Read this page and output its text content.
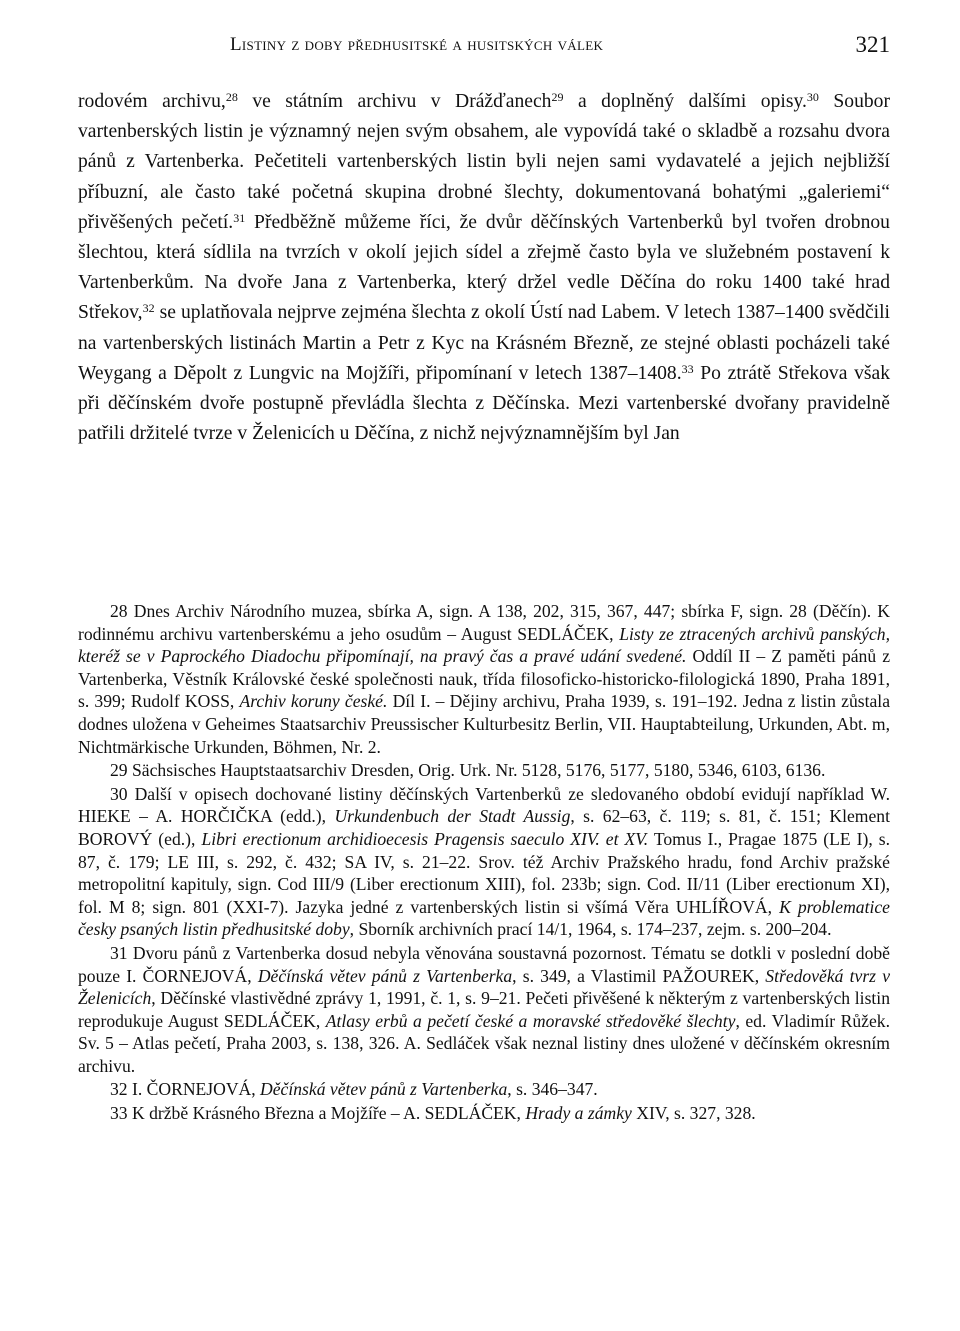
Listiny z doby předhusitské a husitských válek	321

rodovém archivu,$^{28}$ ve státním archivu v Drážďanech$^{29}$ a doplněný dalšími opisy.$^{30}$ Soubor vartenberských listin je významný nejen svým obsahem, ale vypovídá také o skladbě a rozsahu dvora pánů z Vartenberka. Pečetiteli vartenberských listin byli nejen sami vydavatelé a jejich nejbližší příbuzní, ale často také početná skupina drobné šlechty, dokumentovaná bohatými „galeriemi“ přivěšených pečetí.$^{31}$ Předběžně můžeme říci, že dvůr děčínských Vartenberků byl tvořen drobnou šlechtou, která sídlila na tvrzích v okolí jejich sídel a zřejmě často byla ve služebném postavení k Vartenberkům. Na dvoře Jana z Vartenberka, který držel vedle Děčína do roku 1400 také hrad Střekov,$^{32}$ se uplatňovala nejprve zejména šlechta z okolí Ústí nad Labem. V letech 1387–1400 svědčili na vartenberských listinách Martin a Petr z Kyc na Krásném Březně, ze stejné oblasti pocházeli také Weygang a Děpolt z Lungvic na Mojžíři, připomínaní v letech 1387–1408.33 Po ztrátě Střekova však při děčínském dvoře postupně převládla šlechta z Děčínska. Mezi vartenberské dvořany pravidelně patřili držitelé tvrze v Želenicích u Děčína, z nichž nejvýznamnějším byl Jan

28 Dnes Archiv Národního muzea, sbírka A, sign. A 138, 202, 315, 367, 447; sbírka F, sign. 28 (Děčín). K rodinnému archivu vartenberskému a jeho osudům – August SEDLÁČEK, Listy ze ztracených archivů panských, kteréž se v Paprockého Diadochu připomínají, na pravý čas a pravé udání svedené. Oddíl II – Z paměti pánů z Vartenberka, Věstník Královské české společnosti nauk, třída filosoficko-historicko-filologická 1890, Praha 1891, s. 399; Rudolf KOSS, Archiv koruny české. Díl I. – Dějiny archivu, Praha 1939, s. 191–192. Jedna z listin zůstala dodnes uložena v Geheimes Staatsarchiv Preussischer Kulturbesitz Berlin, VII. Hauptabteilung, Urkunden, Abt. m, Nichtmärkische Urkunden, Böhmen, Nr. 2.

29 Sächsisches Hauptstaatsarchiv Dresden, Orig. Urk. Nr. 5128, 5176, 5177, 5180, 5346, 6103, 6136.

30 Další v opisech dochované listiny děčínských Vartenberků ze sledovaného období evidují například W. HIEKE – A. HORČIČKA (edd.), Urkundenbuch der Stadt Aussig, s. 62–63, č. 119; s. 81, č. 151; Klement BOROVÝ (ed.), Libri erectionum archidioecesis Pragensis saeculo XIV. et XV. Tomus I., Pragae 1875 (LE I), s. 87, č. 179; LE III, s. 292, č. 432; SA IV, s. 21–22. Srov. též Archiv Pražského hradu, fond Archiv pražské metropolitní kapituly, sign. Cod III/9 (Liber erectionum XIII), fol. 233b; sign. Cod. II/11 (Liber erectionum XI), fol. M 8; sign. 801 (XXI-7). Jazyka jedné z vartenberských listin si všímá Věra UHLÍŘOVÁ, K problematice česky psaných listin předhusitské doby, Sborník archivních prací 14/1, 1964, s. 174–237, zejm. s. 200–204.

31 Dvoru pánů z Vartenberka dosud nebyla věnována soustavná pozornost. Tématu se dotkli v poslední době pouze I. ČORNEJOVÁ, Děčínská větev pánů z Vartenberka, s. 349, a Vlastimil PAŽOUREK, Středověká tvrz v Želenicích, Děčínské vlastivědné zprávy 1, 1991, č. 1, s. 9–21. Pečeti přivěšené k některým z vartenberských listin reprodukuje August SEDLÁČEK, Atlasy erbů a pečetí české a moravské středověké šlechty, ed. Vladimír Růžek. Sv. 5 – Atlas pečetí, Praha 2003, s. 138, 326. A. Sedláček však neznal listiny dnes uložené v děčínském okresním archivu.

32 I. ČORNEJOVÁ, Děčínská větev pánů z Vartenberka, s. 346–347.

33 K držbě Krásného Března a Mojžíře – A. SEDLÁČEK, Hrady a zámky XIV, s. 327, 328.
